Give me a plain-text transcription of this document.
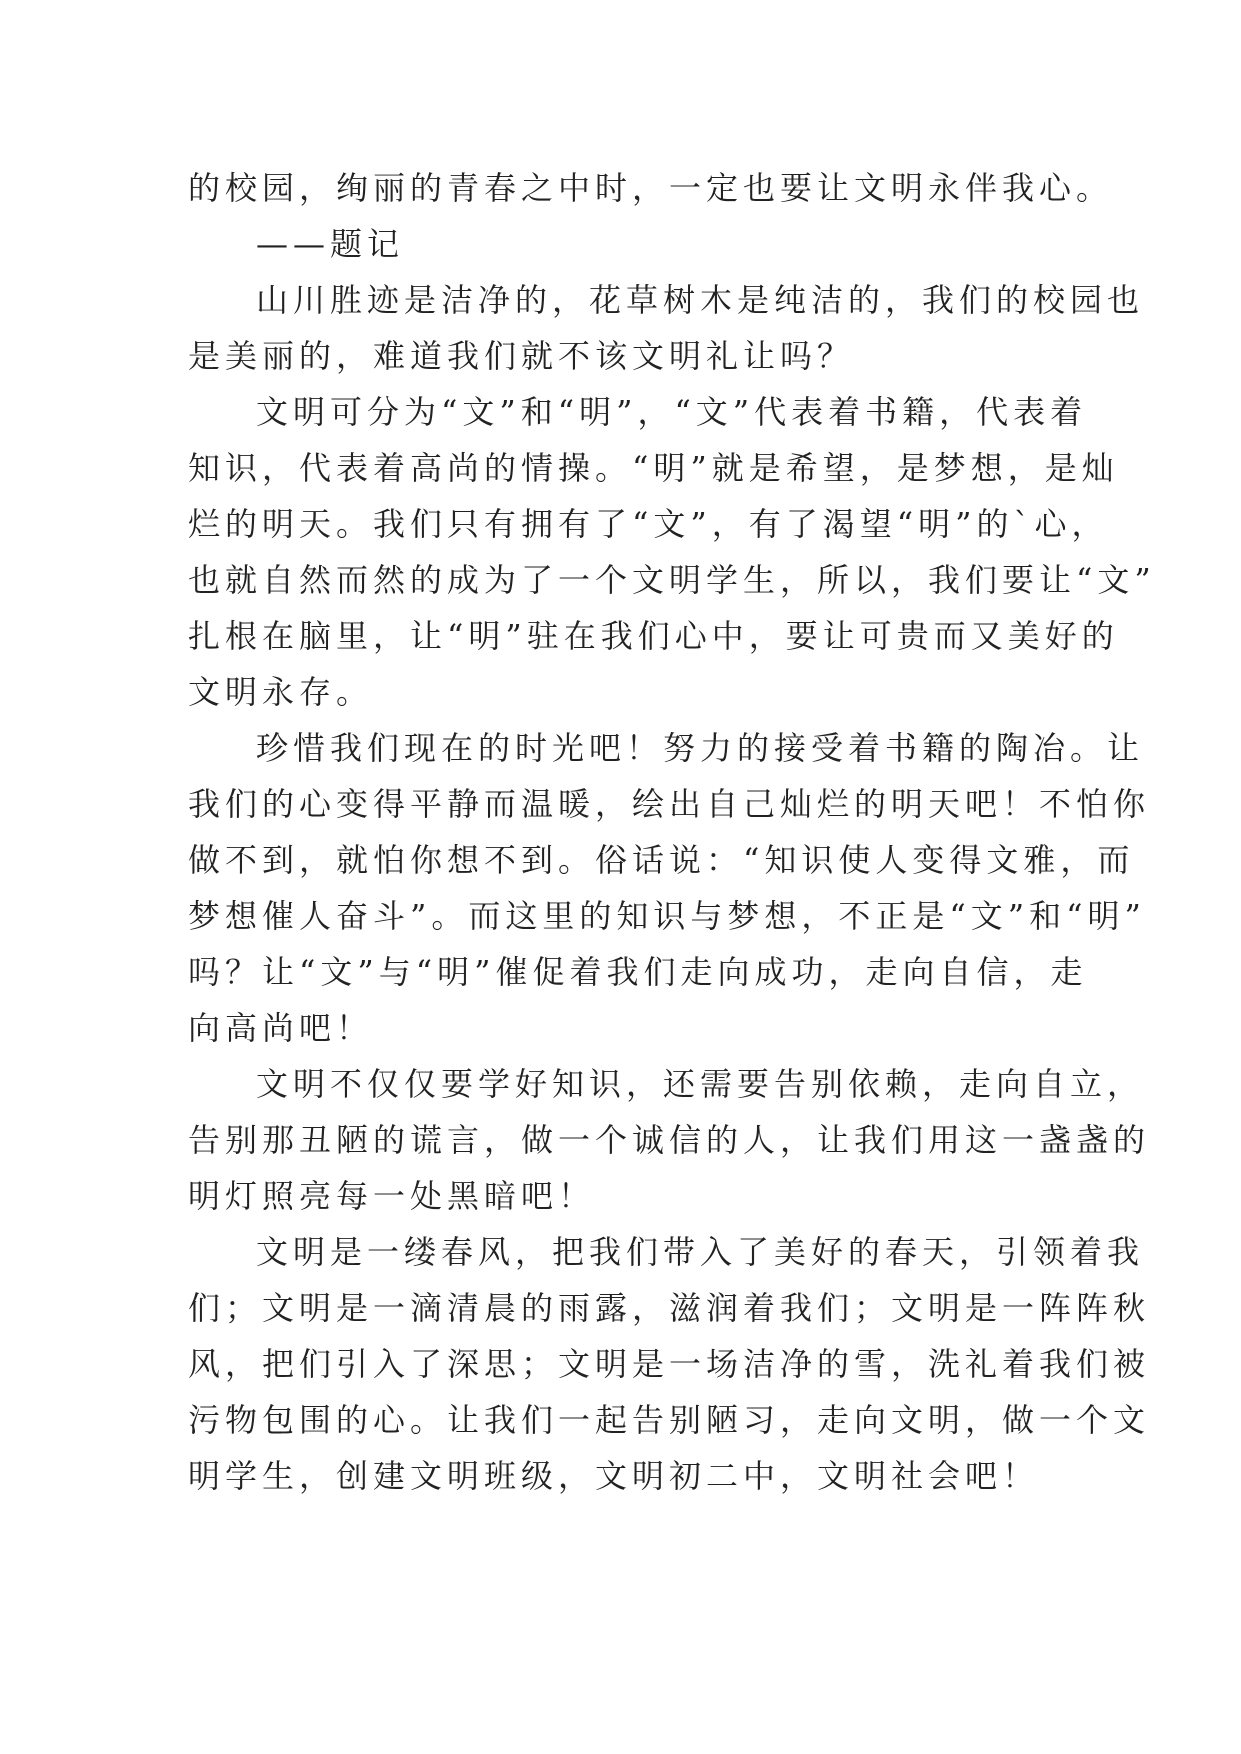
的校园，绚丽的青春之中时，一定也要让文明永伴我心。
——题记
山川胜迹是洁净的，花草树木是纯洁的，我们的校园也
是美丽的，难道我们就不该文明礼让吗？
文明可分为“文”和“明”，“文”代表着书籍，代表着
知识，代表着高尚的情操。“明”就是希望，是梦想，是灿
烂的明天。我们只有拥有了“文”，有了渴望“明”的`心，
也就自然而然的成为了一个文明学生，所以，我们要让“文”
扎根在脑里，让“明”驻在我们心中，要让可贵而又美好的
文明永存。
珍惜我们现在的时光吧！努力的接受着书籍的陶冶。让
我们的心变得平静而温暖，绘出自己灿烂的明天吧！不怕你
做不到，就怕你想不到。俗话说：“知识使人变得文雅，而
梦想催人奋斗”。而这里的知识与梦想，不正是“文”和“明”
吗？让“文”与“明”催促着我们走向成功，走向自信，走
向高尚吧！
文明不仅仅要学好知识，还需要告别依赖，走向自立，
告别那丑陋的谎言，做一个诚信的人，让我们用这一盏盏的
明灯照亮每一处黑暗吧！
文明是一缕春风，把我们带入了美好的春天，引领着我
们；文明是一滴清晨的雨露，滋润着我们；文明是一阵阵秋
风，把们引入了深思；文明是一场洁净的雪，洗礼着我们被
污物包围的心。让我们一起告别陋习，走向文明，做一个文
明学生，创建文明班级，文明初二中，文明社会吧！
